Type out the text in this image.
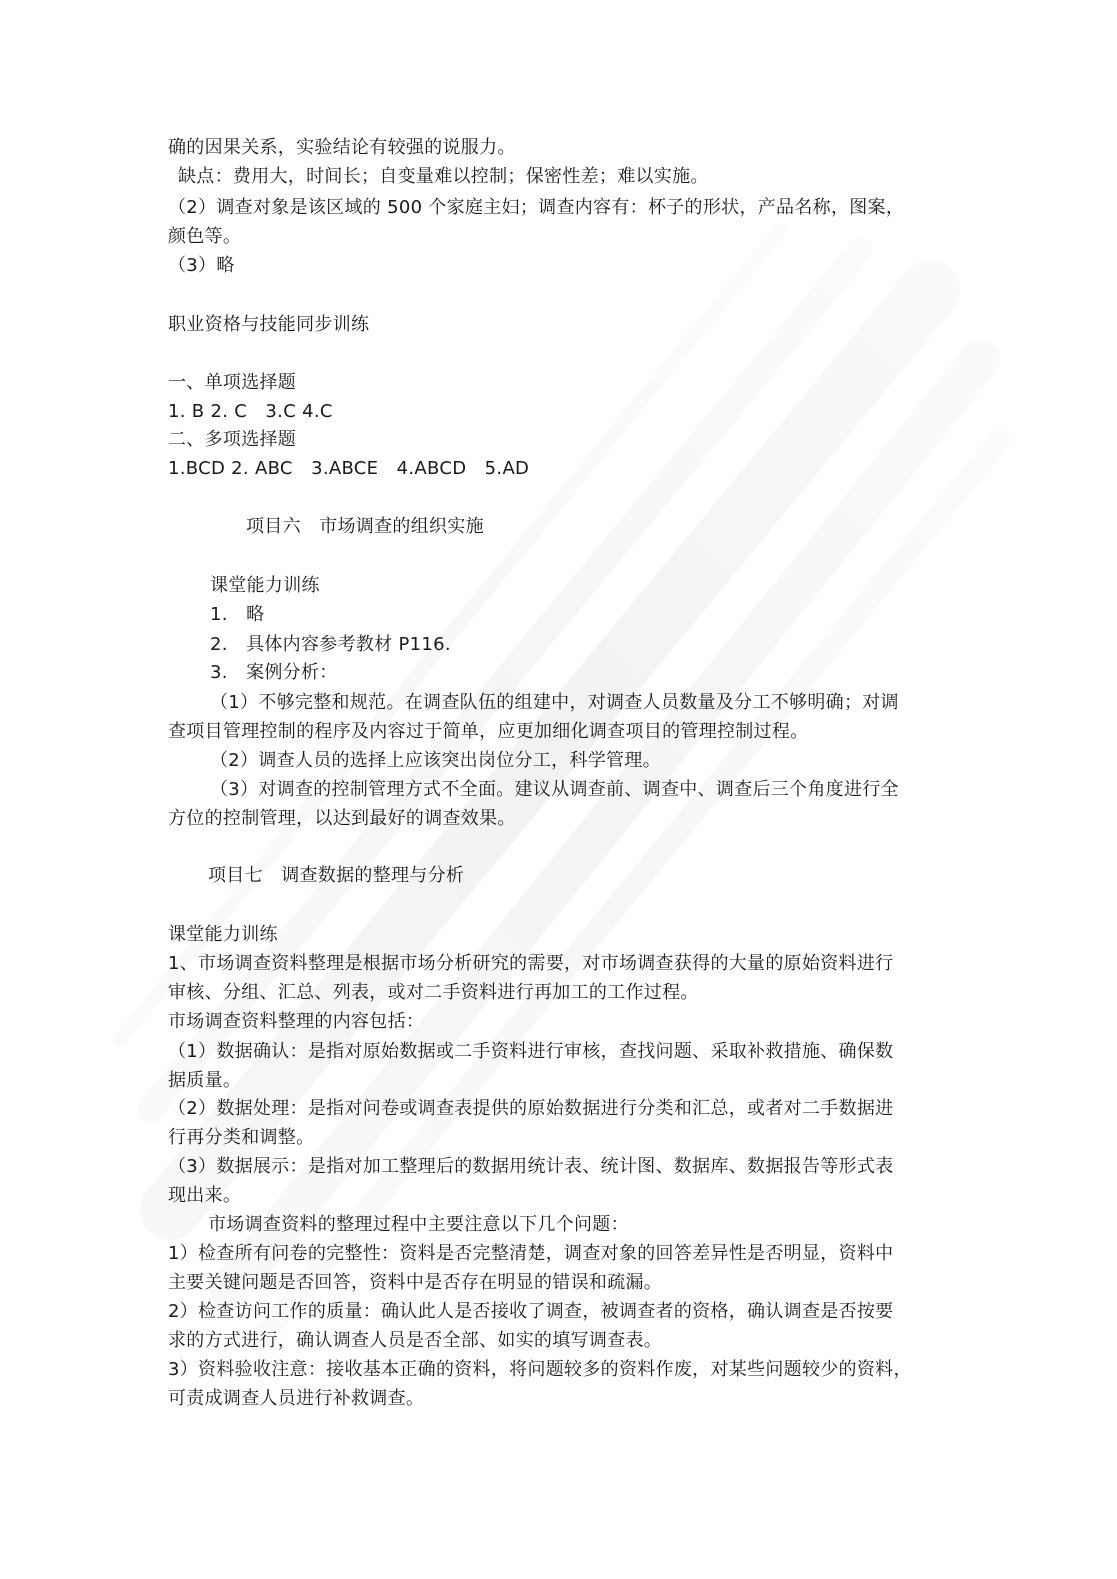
确的因果关系，实验结论有较强的说服力。
缺点：费用大，时间长；自变量难以控制；保密性差；难以实施。
（2）调查对象是该区域的 500 个家庭主妇；调查内容有：杯子的形状，产品名称，图案，
颜色等。
（3）略
职业资格与技能同步训练
一、单项选择题
1. B 2. C　3.C 4.C
二、多项选择题
1.BCD 2. ABC　3.ABCE　4.ABCD　5.AD
项目六　市场调查的组织实施
课堂能力训练
1.　略
2.　具体内容参考教材 P116.
3.　案例分析：
（1）不够完整和规范。在调查队伍的组建中，对调查人员数量及分工不够明确；对调
查项目管理控制的程序及内容过于简单，应更加细化调查项目的管理控制过程。
（2）调查人员的选择上应该突出岗位分工，科学管理。
（3）对调查的控制管理方式不全面。建议从调查前、调查中、调查后三个角度进行全
方位的控制管理，以达到最好的调查效果。
项目七　调查数据的整理与分析
课堂能力训练
1、市场调查资料整理是根据市场分析研究的需要，对市场调查获得的大量的原始资料进行
审核、分组、汇总、列表，或对二手资料进行再加工的工作过程。
市场调查资料整理的内容包括：
（1）数据确认：是指对原始数据或二手资料进行审核，查找问题、采取补救措施、确保数
据质量。
（2）数据处理：是指对问卷或调查表提供的原始数据进行分类和汇总，或者对二手数据进
行再分类和调整。
（3）数据展示：是指对加工整理后的数据用统计表、统计图、数据库、数据报告等形式表
现出来。
市场调查资料的整理过程中主要注意以下几个问题：
1）检查所有问卷的完整性：资料是否完整清楚，调查对象的回答差异性是否明显，资料中
主要关键问题是否回答，资料中是否存在明显的错误和疏漏。
2）检查访问工作的质量：确认此人是否接收了调查，被调查者的资格，确认调查是否按要
求的方式进行，确认调查人员是否全部、如实的填写调查表。
3）资料验收注意：接收基本正确的资料，将问题较多的资料作废，对某些问题较少的资料，
可责成调查人员进行补救调查。
